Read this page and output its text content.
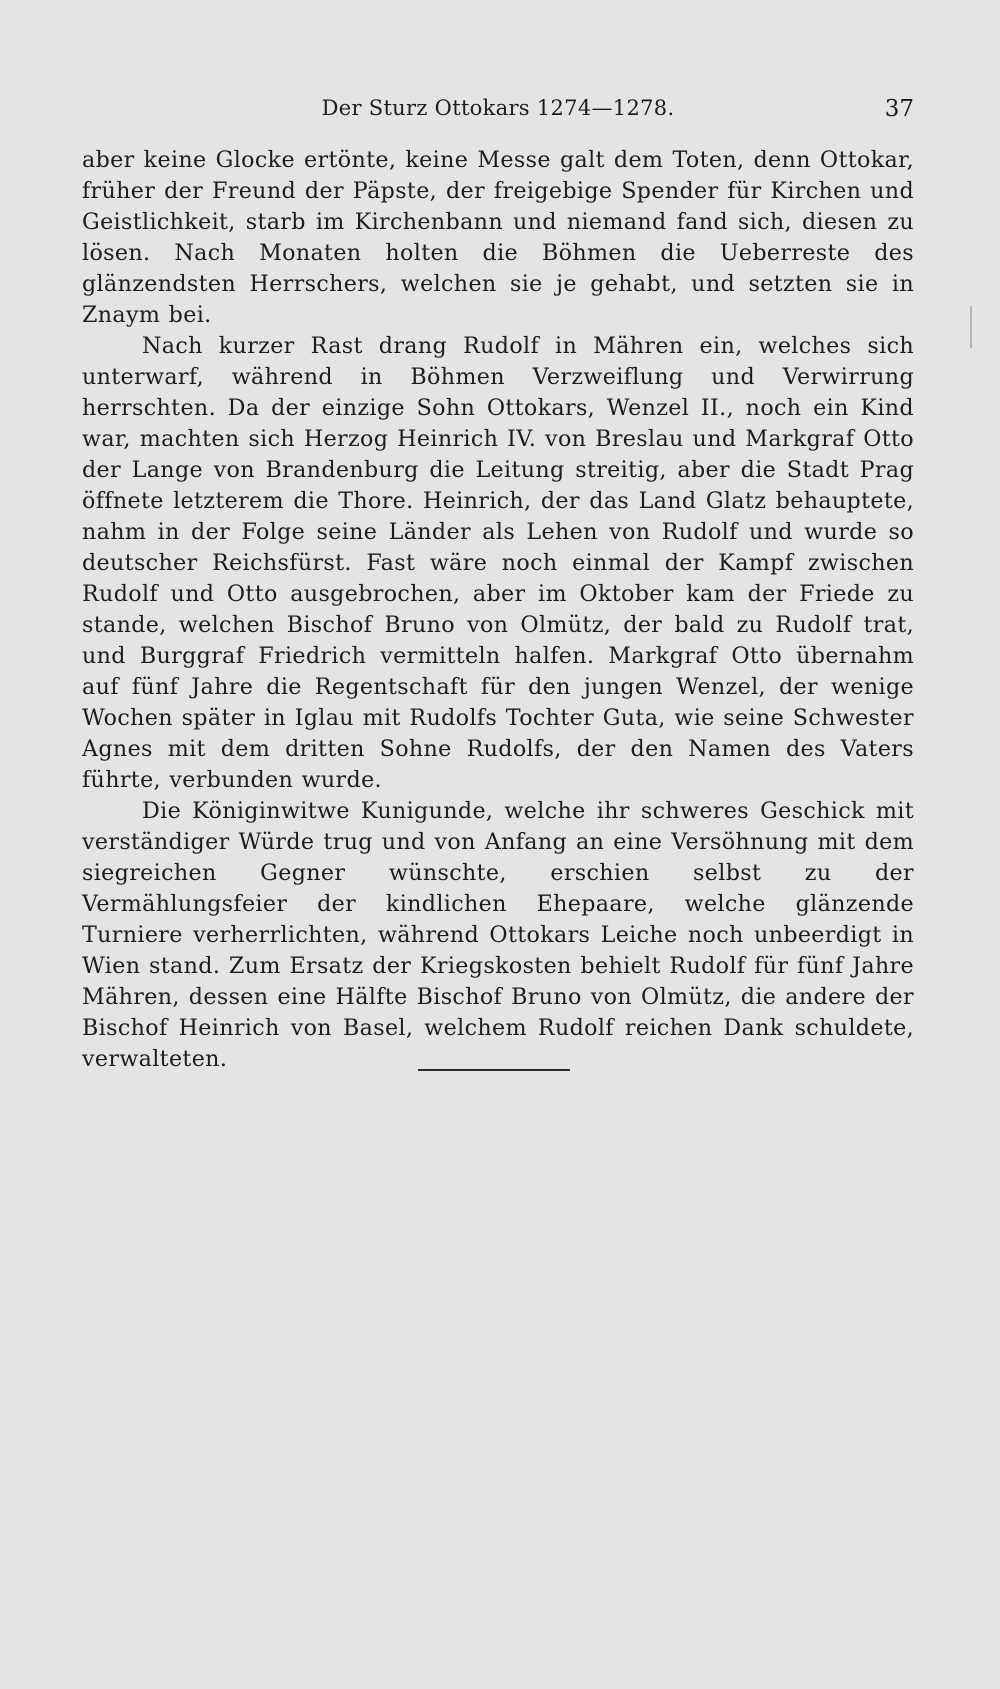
Der Sturz Ottokars 1274—1278.	37

aber keine Glocke ertönte, keine Messe galt dem Toten, denn Ottokar, früher der Freund der Päpste, der freigebige Spender für Kirchen und Geistlichkeit, starb im Kirchenbann und niemand fand sich, diesen zu lösen. Nach Monaten holten die Böhmen die Ueberreste des glänzendsten Herrschers, welchen sie je gehabt, und setzten sie in Znaym bei.

Nach kurzer Rast drang Rudolf in Mähren ein, welches sich unterwarf, während in Böhmen Verzweiflung und Verwirrung herrschten. Da der einzige Sohn Ottokars, Wenzel II., noch ein Kind war, machten sich Herzog Heinrich IV. von Breslau und Markgraf Otto der Lange von Brandenburg die Leitung streitig, aber die Stadt Prag öffnete letzterem die Thore. Heinrich, der das Land Glatz behauptete, nahm in der Folge seine Länder als Lehen von Rudolf und wurde so deutscher Reichsfürst. Fast wäre noch einmal der Kampf zwischen Rudolf und Otto ausgebrochen, aber im Oktober kam der Friede zu stande, welchen Bischof Bruno von Olmütz, der bald zu Rudolf trat, und Burggraf Friedrich vermitteln halfen. Markgraf Otto übernahm auf fünf Jahre die Regentschaft für den jungen Wenzel, der wenige Wochen später in Iglau mit Rudolfs Tochter Guta, wie seine Schwester Agnes mit dem dritten Sohne Rudolfs, der den Namen des Vaters führte, verbunden wurde.

Die Königinwitwe Kunigunde, welche ihr schweres Geschick mit verständiger Würde trug und von Anfang an eine Versöhnung mit dem siegreichen Gegner wünschte, erschien selbst zu der Vermählungsfeier der kindlichen Ehepaare, welche glänzende Turniere verherrlichten, während Ottokars Leiche noch unbeerdigt in Wien stand. Zum Ersatz der Kriegskosten behielt Rudolf für fünf Jahre Mähren, dessen eine Hälfte Bischof Bruno von Olmütz, die andere der Bischof Heinrich von Basel, welchem Rudolf reichen Dank schuldete, verwalteten.
